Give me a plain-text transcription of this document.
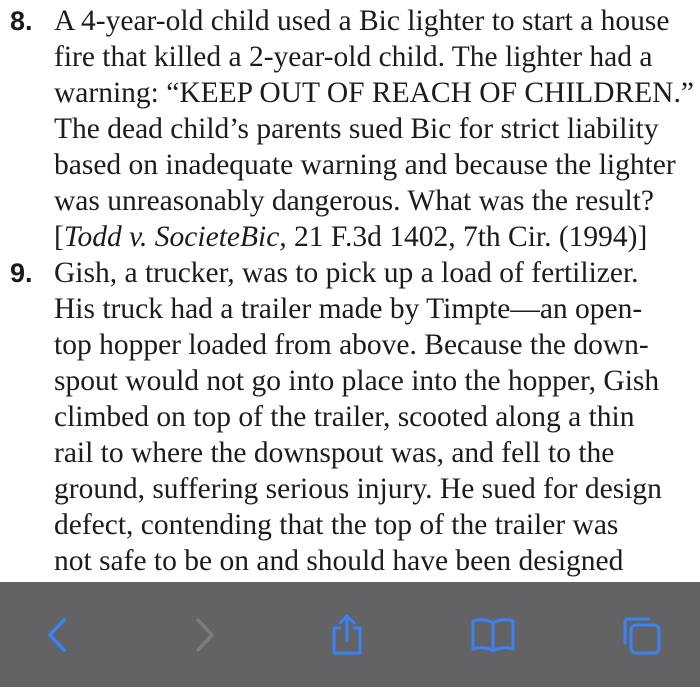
8. A 4-year-old child used a Bic lighter to start a house
fire that killed a 2-year-old child. The lighter had a
warning: “KEEP OUT OF REACH OF CHILDREN.”
The dead child’s parents sued Bic for strict liability
based on inadequate warning and because the lighter
was unreasonably dangerous. What was the result?
[Todd v. SocieteBic, 21 F.3d 1402, 7th Cir. (1994)]
9. Gish, a trucker, was to pick up a load of fertilizer.
His truck had a trailer made by Timpte—an open-
top hopper loaded from above. Because the down-
spout would not go into place into the hopper, Gish
climbed on top of the trailer, scooted along a thin
rail to where the downspout was, and fell to the
ground, suffering serious injury. He sued for design
defect, contending that the top of the trailer was
not safe to be on and should have been designed
